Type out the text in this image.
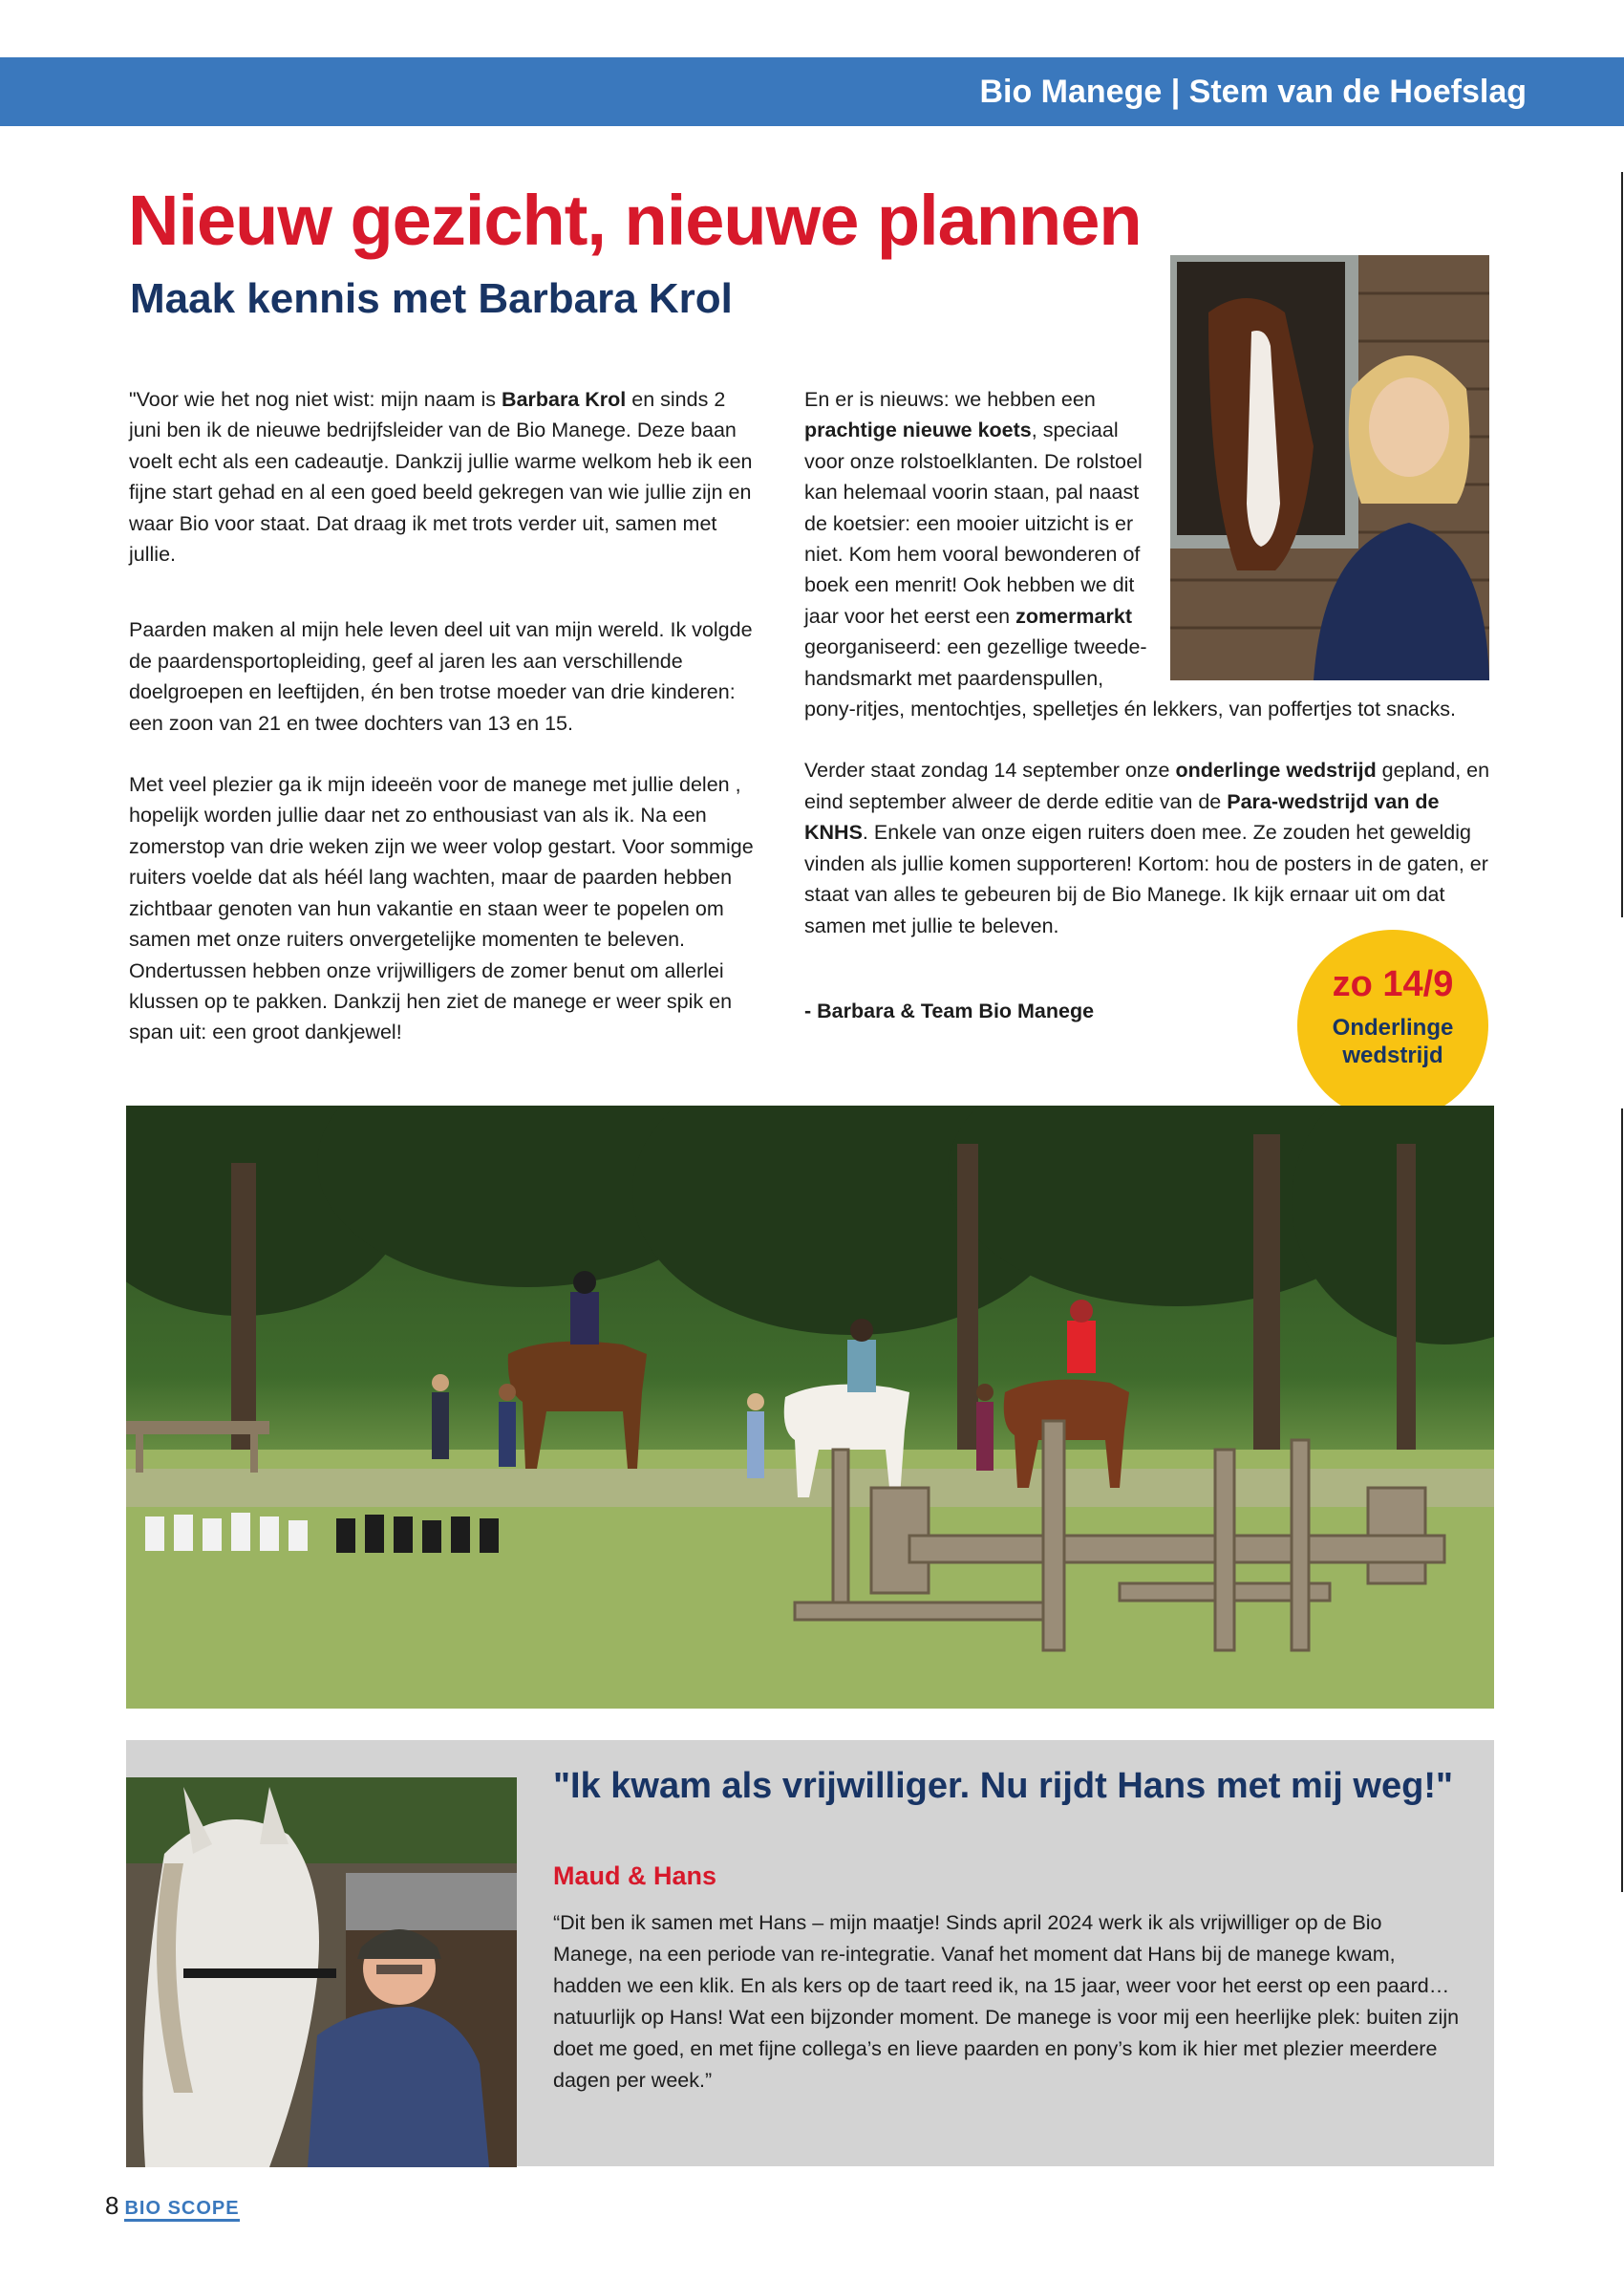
Bio Manege | Stem van de Hoefslag
Nieuw gezicht, nieuwe plannen
Maak kennis met Barbara Krol

"Voor wie het nog niet wist: mijn naam is Barbara Krol en sinds 2 juni ben ik de nieuwe bedrijfsleider van de Bio Manege. Deze baan voelt echt als een cadeautje. Dankzij jullie warme welkom heb ik een fijne start gehad en al een goed beeld gekregen van wie jullie zijn en waar Bio voor staat. Dat draag ik met trots verder uit, samen met jullie.

Paarden maken al mijn hele leven deel uit van mijn wereld. Ik volgde de paardensportopleiding, geef al jaren les aan verschillende doelgroepen en leeftijden, én ben trotse moeder van drie kinderen: een zoon van 21 en twee dochters van 13 en 15.

Met veel plezier ga ik mijn ideeën voor de manege met jullie delen , hopelijk worden jullie daar net zo enthousiast van als ik. Na een zomerstop van drie weken zijn we weer volop gestart. Voor sommige ruiters voelde dat als héél lang wachten, maar de paarden hebben zichtbaar genoten van hun vakantie en staan weer te popelen om samen met onze ruiters onvergetelijke momenten te beleven. Ondertussen hebben onze vrijwilligers de zomer benut om allerlei klussen op te pakken. Dankzij hen ziet de manege er weer spik en span uit: een groot dankjewel!

En er is nieuws: we hebben een prachtige nieuwe koets, speciaal voor onze rolstoelklanten. De rolstoel kan helemaal voorin staan, pal naast de koetsier: een mooier uitzicht is er niet. Kom hem vooral bewonderen of boek een menrit! Ook hebben we dit jaar voor het eerst een zomermarkt georganiseerd: een gezellige tweede-handsmarkt met paardenspullen,

pony-ritjes, mentochtjes, spelletjes én lekkers, van poffertjes tot snacks.

Verder staat zondag 14 september onze onderlinge wedstrijd gepland, en eind september alweer de derde editie van de Para-wedstrijd van de KNHS. Enkele van onze eigen ruiters doen mee. Ze zouden het geweldig vinden als jullie komen supporteren! Kortom: hou de posters in de gaten, er staat van alles te gebeuren bij de Bio Manege. Ik kijk ernaar uit om dat samen met jullie te beleven.

- Barbara & Team Bio Manege
zo 14/9
Onderlinge
wedstrijd
"Ik kwam als vrijwilliger. Nu rijdt Hans met mij weg!"
Maud & Hans

“Dit ben ik samen met Hans – mijn maatje! Sinds april 2024 werk ik als vrijwilliger op de Bio Manege, na een periode van re-integratie. Vanaf het moment dat Hans bij de manege kwam, hadden we een klik. En als kers op de taart reed ik, na 15 jaar, weer voor het eerst op een paard… natuurlijk op Hans! Wat een bijzonder moment. De manege is voor mij een heerlijke plek: buiten zijn doet me goed, en met fijne collega’s en lieve paarden en pony’s kom ik hier met plezier meerdere dagen per week.”

8 BIO SCOPE
